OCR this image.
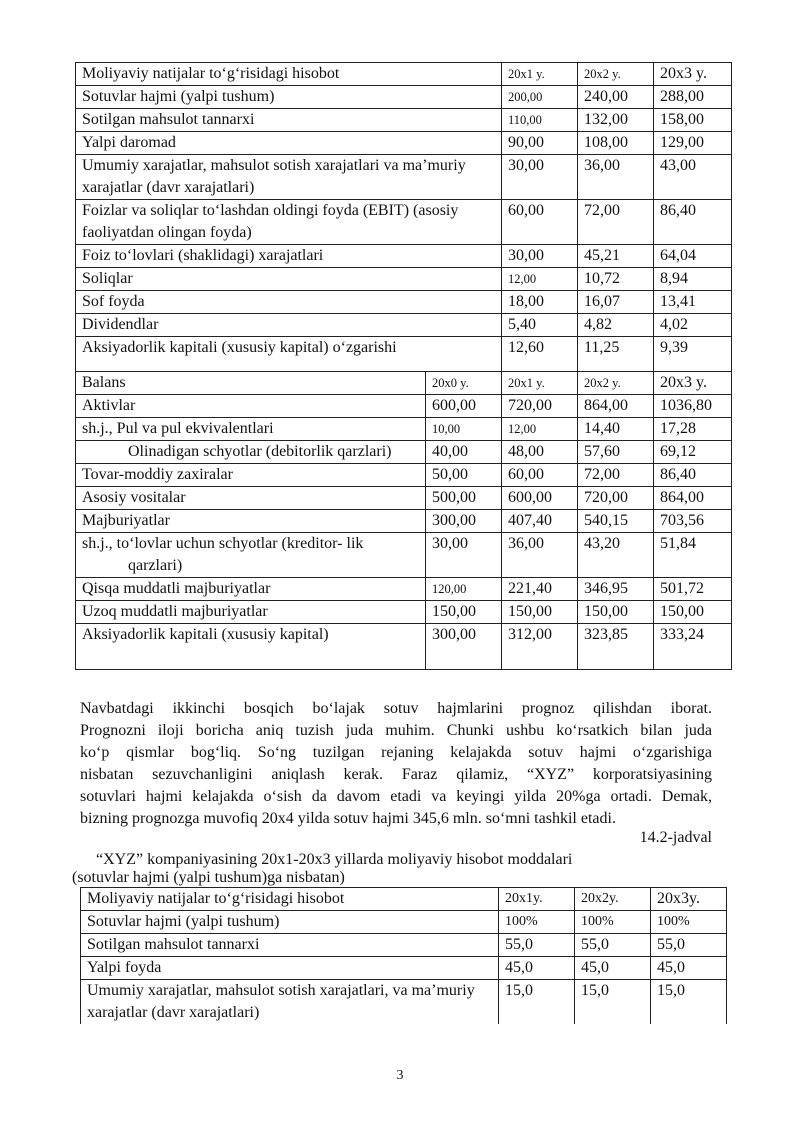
Moliyaviy natijalar to‘g‘risidagi hisobot	20x1 y.	20x2 y.	20x3 y.
Sotuvlar hajmi (yalpi tushum)	200,00	240,00	288,00
Sotilgan mahsulot tannarxi	110,00	132,00	158,00
Yalpi daromad	90,00	108,00	129,00
Umumiy xarajatlar, mahsulot sotish xarajatlari va ma’muriy xarajatlar (davr xarajatlari)	30,00	36,00	43,00
Foizlar va soliqlar to‘lashdan oldingi foyda (EBIT) (asosiy faoliyatdan olingan foyda)	60,00	72,00	86,40
Foiz to‘lovlari (shaklidagi) xarajatlari	30,00	45,21	64,04
Soliqlar	12,00	10,72	8,94
Sof foyda	18,00	16,07	13,41
Dividendlar	5,40	4,82	4,02
Aksiyadorlik kapitali (xususіy kapital) o‘zgarishi	12,60	11,25	9,39
Balans	20x0 y.	20x1 y.	20x2 y.	20x3 y.
Aktivlar	600,00	720,00	864,00	1036,80
sh.j., Pul va pul ekvivalentlari	10,00	12,00	14,40	17,28
Olinadigan schyotlar (debitorlik qarzlari)	40,00	48,00	57,60	69,12
Tovar-moddiy zaxiralar	50,00	60,00	72,00	86,40
Asosiy vositalar	500,00	600,00	720,00	864,00
Majburiyatlar	300,00	407,40	540,15	703,56

sh.j., to‘lovlar uchun schyotlar (kreditor- lik qarzlari)	30,00	36,00	43,20	51,84
Qisqa muddatli majburiyatlar	120,00	221,40	346,95	501,72
Uzoq muddatli majburiyatlar	150,00	150,00	150,00	150,00
Aksiyadorlik kapitali (xususiy kapital)	300,00	312,00	323,85	333,24
Navbatdagi ikkinchi bosqich bo‘lajak sotuv hajmlarini prognoz qilishdan iborat.
Prognozni iloji boricha aniq tuzish juda muhim. Chunki ushbu ko‘rsatkich bilan juda
ko‘p qismlar bog‘liq. So‘ng tuzilgan rejaning kelajakda sotuv hajmi o‘zgarishiga
nisbatan sezuvchanligini aniqlash kerak. Faraz qilamiz, “XYZ” korporatsiyasining
sotuvlari hajmi kelajakda o‘sish da davom etadi va keyingi yilda 20%ga ortadi. Demak,
bizning prognozga muvofiq 20x4 yilda sotuv hajmi 345,6 mln. so‘mni tashkil etadi.
14.2-jadval
“XYZ” kompaniyasining 20x1-20x3 yillarda moliyaviy hisobot moddalari
(sotuvlar hajmi (yalpi tushum)ga nisbatan)
Moliyaviy natijalar to‘g‘risidagi hisobot	20x1y.	20x2y.	20x3y.
Sotuvlar hajmi (yalpi tushum)	100%	100%	100%
Sotilgan mahsulot tannarxi	55,0	55,0	55,0
Yalpi foyda	45,0	45,0	45,0
Umumiy xarajatlar, mahsulot sotish xarajatlari, va ma’muriy xarajatlar (davr xarajatlari)	15,0	15,0	15,0
3
